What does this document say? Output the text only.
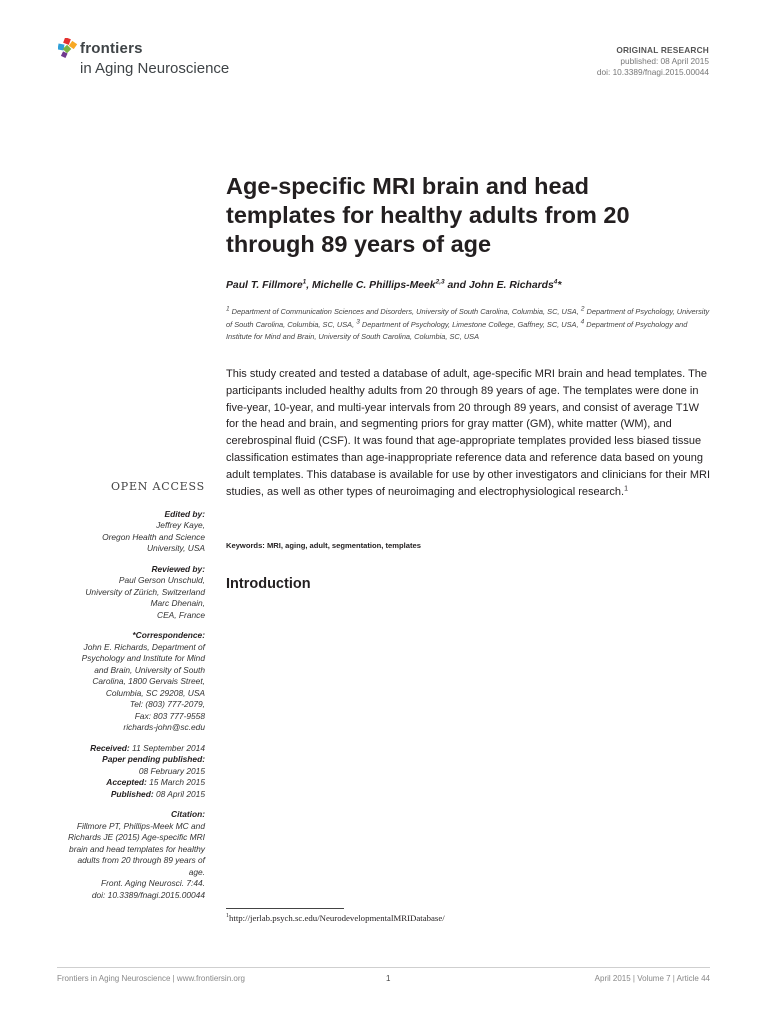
frontiers
in Aging Neuroscience
ORIGINAL RESEARCH
published: 08 April 2015
doi: 10.3389/fnagi.2015.00044
Age-specific MRI brain and head templates for healthy adults from 20 through 89 years of age
Paul T. Fillmore$^1$, Michelle C. Phillips-Meek$^{2,3}$ and John E. Richards$^4$*
$^1$ Department of Communication Sciences and Disorders, University of South Carolina, Columbia, SC, USA, $^2$ Department of Psychology, University of South Carolina, Columbia, SC, USA, $^3$ Department of Psychology, Limestone College, Gaffney, SC, USA, $^4$ Department of Psychology and Institute for Mind and Brain, University of South Carolina, Columbia, SC, USA
This study created and tested a database of adult, age-specific MRI brain and head templates. The participants included healthy adults from 20 through 89 years of age. The templates were done in five-year, 10-year, and multi-year intervals from 20 through 89 years, and consist of average T1W for the head and brain, and segmenting priors for gray matter (GM), white matter (WM), and cerebrospinal fluid (CSF). It was found that age-appropriate templates provided less biased tissue classification estimates than age-inappropriate reference data and reference data based on young adult templates. This database is available for use by other investigators and clinicians for their MRI studies, as well as other types of neuroimaging and electrophysiological research.$^1$
Keywords: MRI, aging, adult, segmentation, templates
OPEN ACCESS
Edited by:
Jeffrey Kaye,
Oregon Health and Science
University, USA
Reviewed by:
Paul Gerson Unschuld,
University of Zürich, Switzerland
Marc Dhenain,
CEA, France
*Correspondence:
John E. Richards, Department of
Psychology and Institute for Mind
and Brain, University of South
Carolina, 1800 Gervais Street,
Columbia, SC 29208, USA
Tel: (803) 777-2079,
Fax: 803 777-9558
richards-john@sc.edu
Received: 11 September 2014
Paper pending published:
08 February 2015
Accepted: 15 March 2015
Published: 08 April 2015
Citation:
Fillmore PT, Phillips-Meek MC and
Richards JE (2015) Age-specific MRI
brain and head templates for healthy
adults from 20 through 89 years of
age.
Front. Aging Neurosci. 7:44.
doi: 10.3389/fnagi.2015.00044
Introduction

$^1$http://jerlab.psych.sc.edu/NeurodevelopmentalMRIDatabase/
Frontiers in Aging Neuroscience | www.frontiersin.org	1	April 2015 | Volume 7 | Article 44
